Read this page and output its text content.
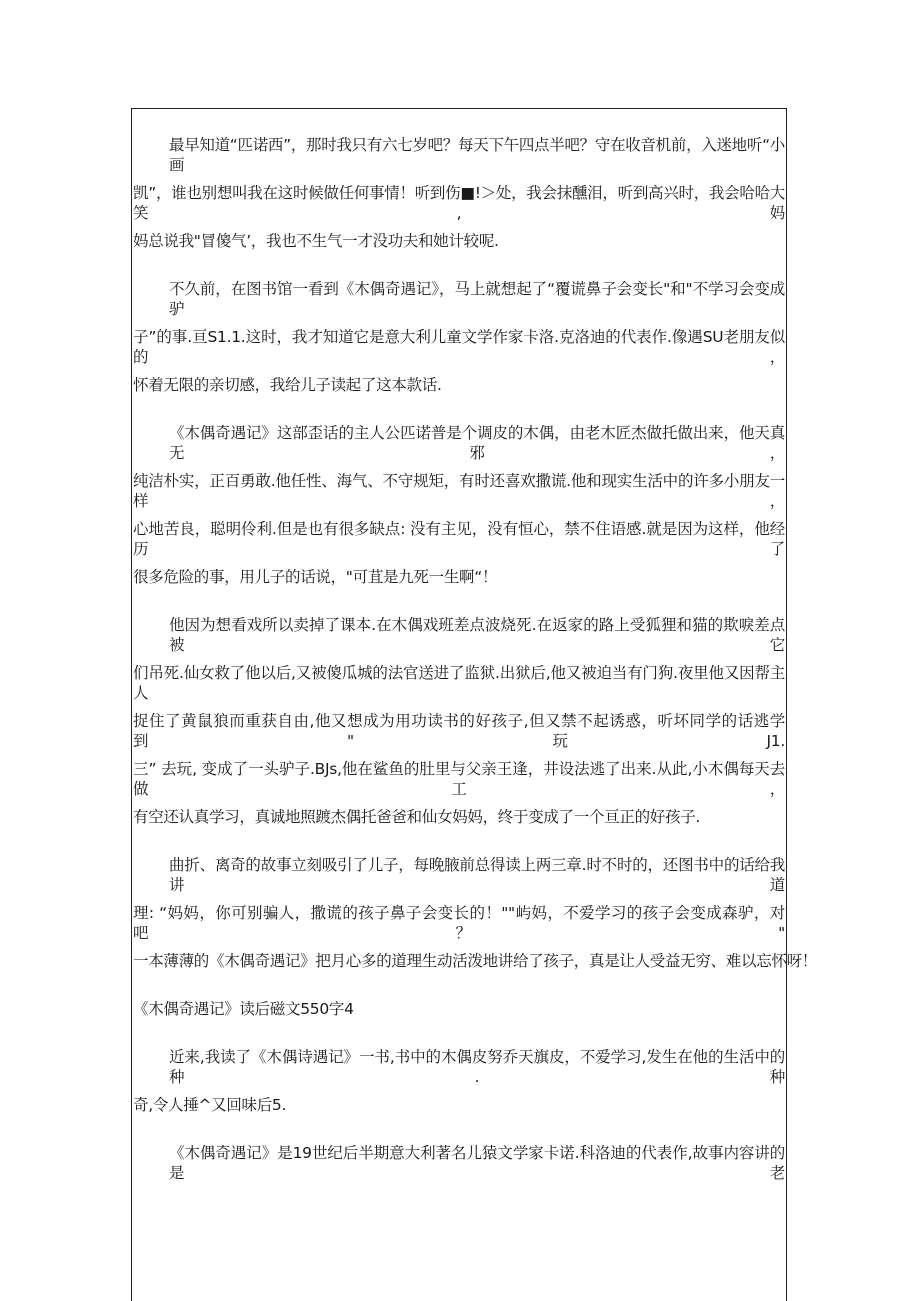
最早知道“匹诺西”，那时我只有六七岁吧？每天下午四点半吧？守在收音机前，入迷地听“小画
凯”，谁也别想叫我在这时候做任何事情！听到伤■!＞处，我会抹醺泪，听到高兴时，我会哈哈大笑,妈
妈总说我"冒傻气’，我也不生气一才没功夫和她计较呢.
不久前，在图书馆一看到《木偶奇遇记》，马上就想起了“覆谎鼻子会变长"和"不学习会变成驴
子”的事.亘S1.1.这时，我才知道它是意大利儿童文学作家卡洛.克洛迪的代表作.像遇SU老朋友似的，
怀着无限的亲切感，我给儿子读起了这本款话.
《木偶奇遇记》这部歪话的主人公匹诺普是个调皮的木偶，由老木匠杰做托做出来，他天真无邪，
纯洁朴实，正百勇敢.他任性、海气、不守规矩，有时还喜欢撒谎.他和现实生活中的许多小朋友一样，
心地苦良，聪明伶利.但是也有很多缺点: 没有主见，没有恒心，禁不住语感.就是因为这样，他经历了
很多危险的事，用儿子的话说，"可苴是九死一生啊“！
他因为想看戏所以卖掉了课本.在木偶戏班差点波烧死.在返家的路上受狐狸和猫的欺唳差点被它
们吊死.仙女救了他以后,又被傻瓜城的法官送进了监狱.出狱后,他又被迫当有门狗.夜里他又因帮主人
捉住了黄鼠狼而重获自由,他又想成为用功读书的好孩子,但又禁不起诱惑，听坏同学的话逃学到"玩J1.
三” 去玩, 变成了一头驴子.BJs,他在鲨鱼的肚里与父亲王逢，井设法逃了出来.从此,小木偶每天去做工，
有空还认真学习，真诚地照踱杰偶托爸爸和仙女妈妈，终于变成了一个亘正的好孩子.
曲折、离奇的故事立刻吸引了儿子，每晚腋前总得读上两三章.时不时的，还图书中的话给我讲道
理: “妈妈，你可别骗人，撒谎的孩子鼻子会变长的！""屿妈，不爱学习的孩子会变成森驴，对吧？"
一本薄薄的《木偶奇遇记》把月心多的道理生动活泼地讲给了孩子，真是让人受益无穷、难以忘怀呀！
《木偶奇遇记》读后磁文550字4
近来,我读了《木偶诗遇记》一书,书中的木偶皮努乔天旗皮，不爱学习,发生在他的生活中的种.种
奇,令人捶^又回味后5.
《木偶奇遇记》是19世纪后半期意大利著名儿猿文学家卡诺.科洛迪的代表作,故事内容讲的是老
